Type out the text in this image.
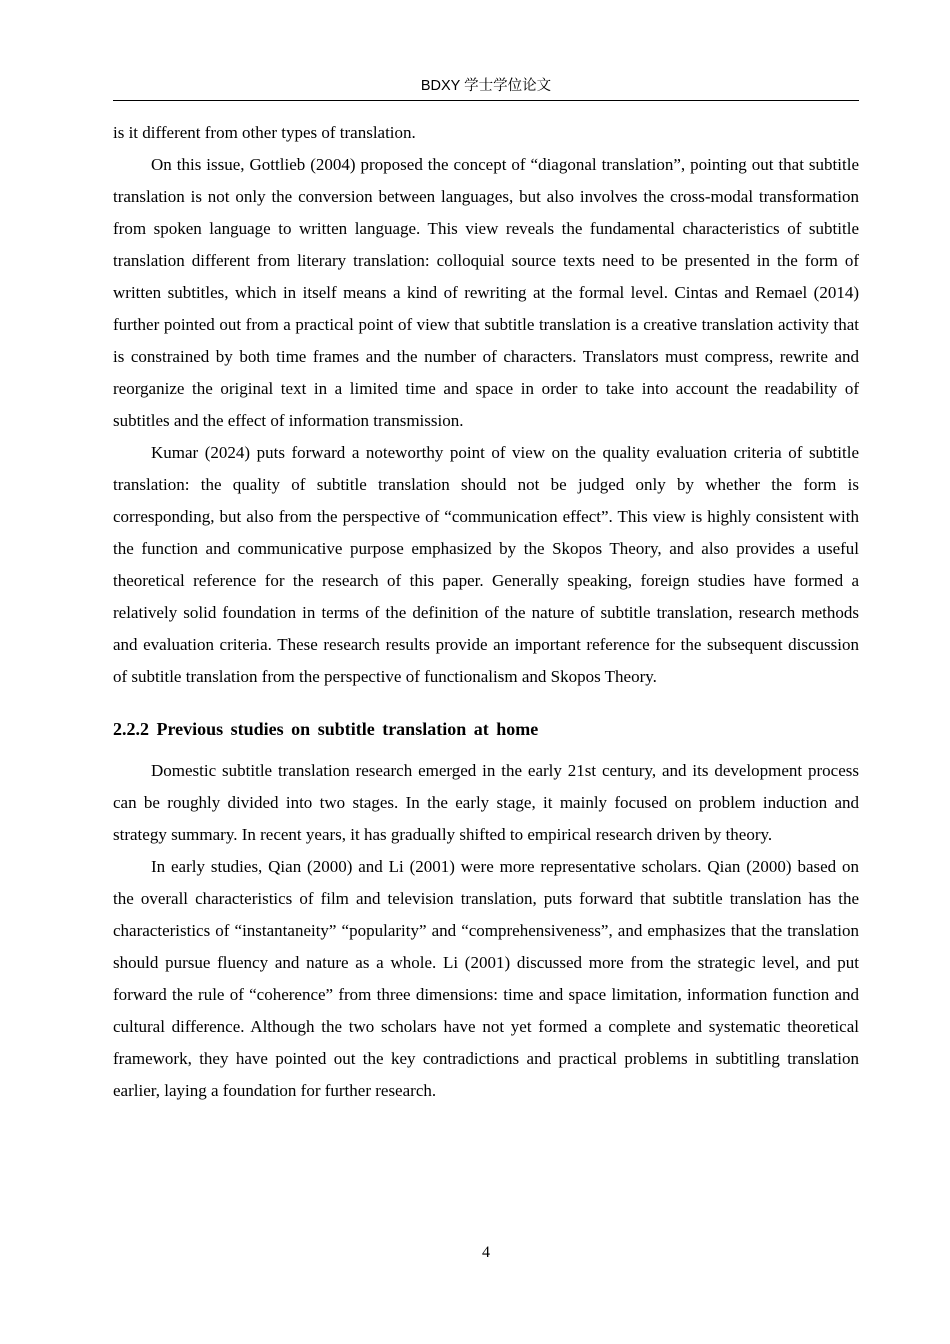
BDXY 学士学位论文

is it different from other types of translation.

On this issue, Gottlieb (2004) proposed the concept of “diagonal translation”, pointing out that subtitle translation is not only the conversion between languages, but also involves the cross-modal transformation from spoken language to written language. This view reveals the fundamental characteristics of subtitle translation different from literary translation: colloquial source texts need to be presented in the form of written subtitles, which in itself means a kind of rewriting at the formal level. Cintas and Remael (2014) further pointed out from a practical point of view that subtitle translation is a creative translation activity that is constrained by both time frames and the number of characters. Translators must compress, rewrite and reorganize the original text in a limited time and space in order to take into account the readability of subtitles and the effect of information transmission.

Kumar (2024) puts forward a noteworthy point of view on the quality evaluation criteria of subtitle translation: the quality of subtitle translation should not be judged only by whether the form is corresponding, but also from the perspective of “communication effect”. This view is highly consistent with the function and communicative purpose emphasized by the Skopos Theory, and also provides a useful theoretical reference for the research of this paper. Generally speaking, foreign studies have formed a relatively solid foundation in terms of the definition of the nature of subtitle translation, research methods and evaluation criteria. These research results provide an important reference for the subsequent discussion of subtitle translation from the perspective of functionalism and Skopos Theory.

2.2.2 Previous studies on subtitle translation at home

Domestic subtitle translation research emerged in the early 21st century, and its development process can be roughly divided into two stages. In the early stage, it mainly focused on problem induction and strategy summary. In recent years, it has gradually shifted to empirical research driven by theory.

In early studies, Qian (2000) and Li (2001) were more representative scholars. Qian (2000) based on the overall characteristics of film and television translation, puts forward that subtitle translation has the characteristics of “instantaneity” “popularity” and “comprehensiveness”, and emphasizes that the translation should pursue fluency and nature as a whole. Li (2001) discussed more from the strategic level, and put forward the rule of “coherence” from three dimensions: time and space limitation, information function and cultural difference. Although the two scholars have not yet formed a complete and systematic theoretical framework, they have pointed out the key contradictions and practical problems in subtitling translation earlier, laying a foundation for further research.

4
